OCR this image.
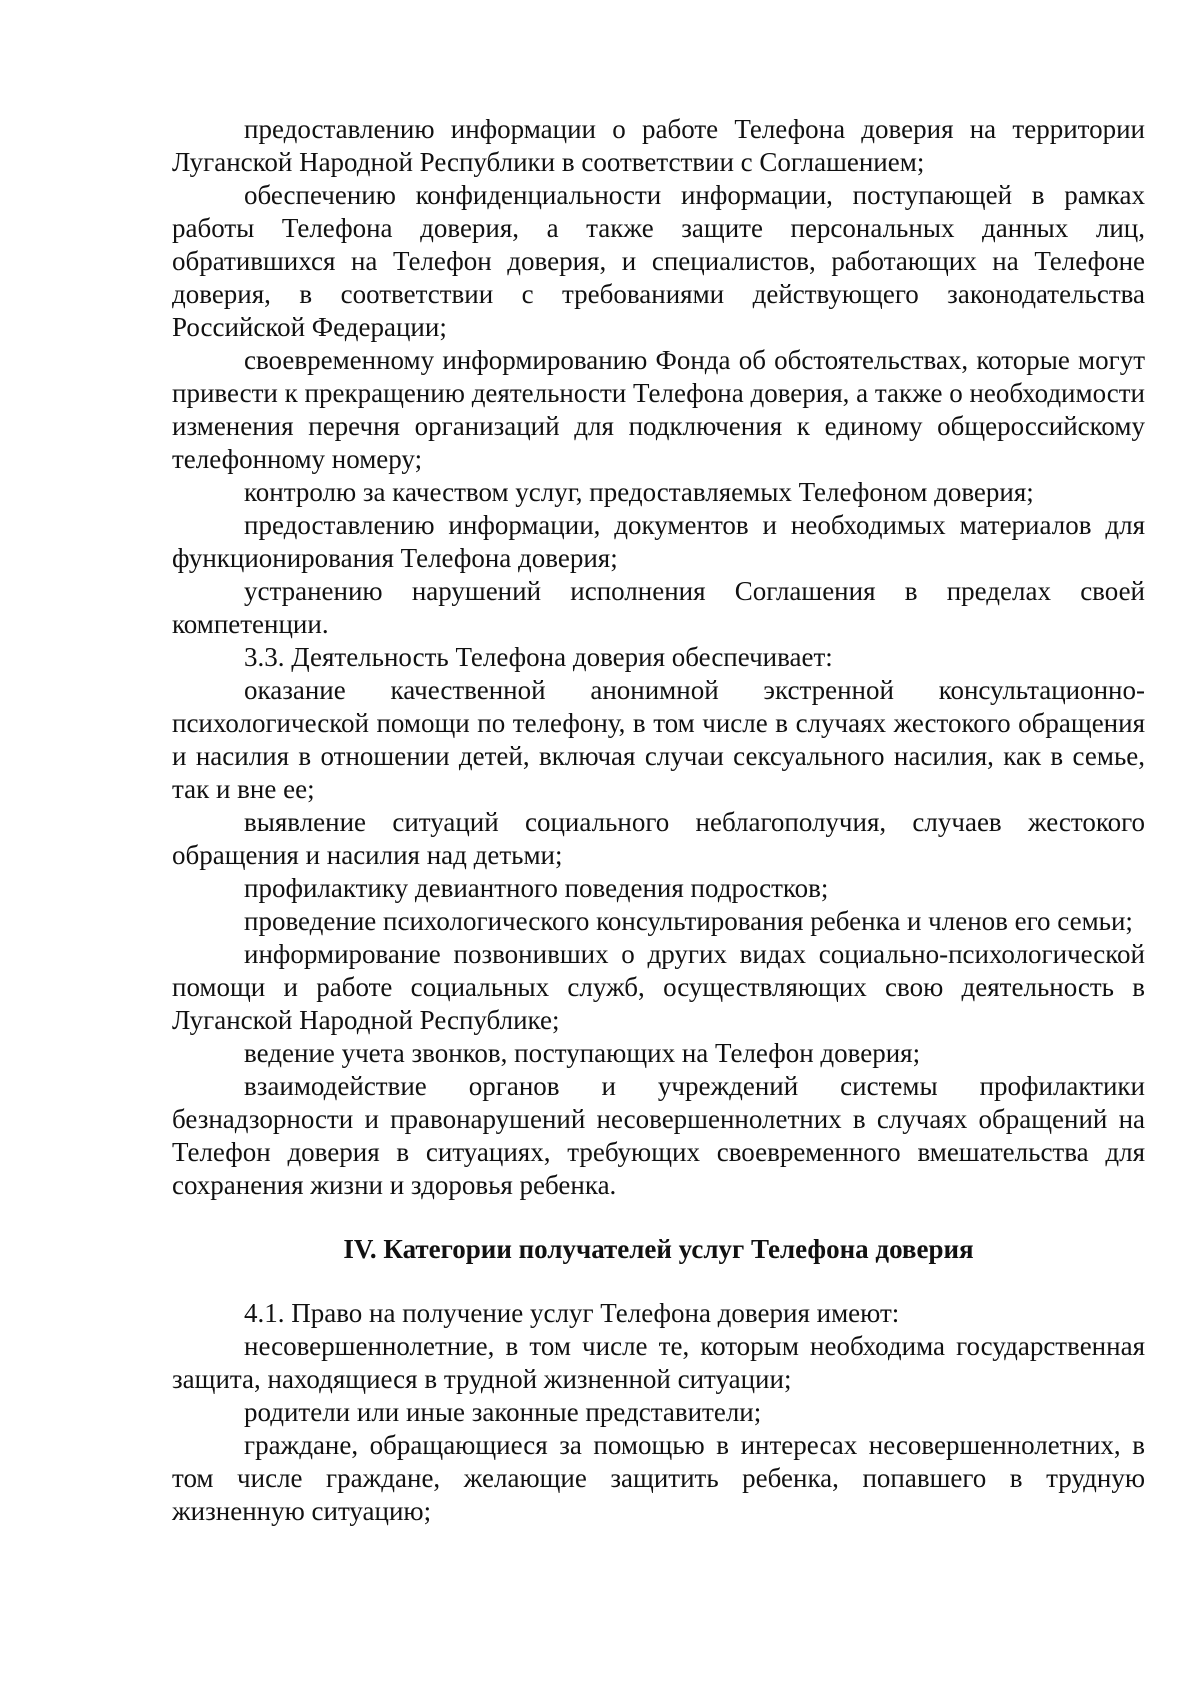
предоставлению информации о работе Телефона доверия на территории Луганской Народной Республики в соответствии с Соглашением;

обеспечению конфиденциальности информации, поступающей в рамках работы Телефона доверия, а также защите персональных данных лиц, обратившихся на Телефон доверия, и специалистов, работающих на Телефоне доверия, в соответствии с требованиями действующего законодательства Российской Федерации;

своевременному информированию Фонда об обстоятельствах, которые могут привести к прекращению деятельности Телефона доверия, а также о необходимости изменения перечня организаций для подключения к единому общероссийскому телефонному номеру;

контролю за качеством услуг, предоставляемых Телефоном доверия;

предоставлению информации, документов и необходимых материалов для функционирования Телефона доверия;

устранению нарушений исполнения Соглашения в пределах своей компетенции.

3.3. Деятельность Телефона доверия обеспечивает:

оказание качественной анонимной экстренной консультационно-психологической помощи по телефону, в том числе в случаях жестокого обращения и насилия в отношении детей, включая случаи сексуального насилия, как в семье, так и вне ее;

выявление ситуаций социального неблагополучия, случаев жестокого обращения и насилия над детьми;

профилактику девиантного поведения подростков;

проведение психологического консультирования ребенка и членов его семьи;

информирование позвонивших о других видах социально-психологической помощи и работе социальных служб, осуществляющих свою деятельность в Луганской Народной Республике;

ведение учета звонков, поступающих на Телефон доверия;

взаимодействие органов и учреждений системы профилактики безнадзорности и правонарушений несовершеннолетних в случаях обращений на Телефон доверия в ситуациях, требующих своевременного вмешательства для сохранения жизни и здоровья ребенка.

IV. Категории получателей услуг Телефона доверия

4.1. Право на получение услуг Телефона доверия имеют:

несовершеннолетние, в том числе те, которым необходима государственная защита, находящиеся в трудной жизненной ситуации;

родители или иные законные представители;

граждане, обращающиеся за помощью в интересах несовершеннолетних, в том числе граждане, желающие защитить ребенка, попавшего в трудную жизненную ситуацию;
